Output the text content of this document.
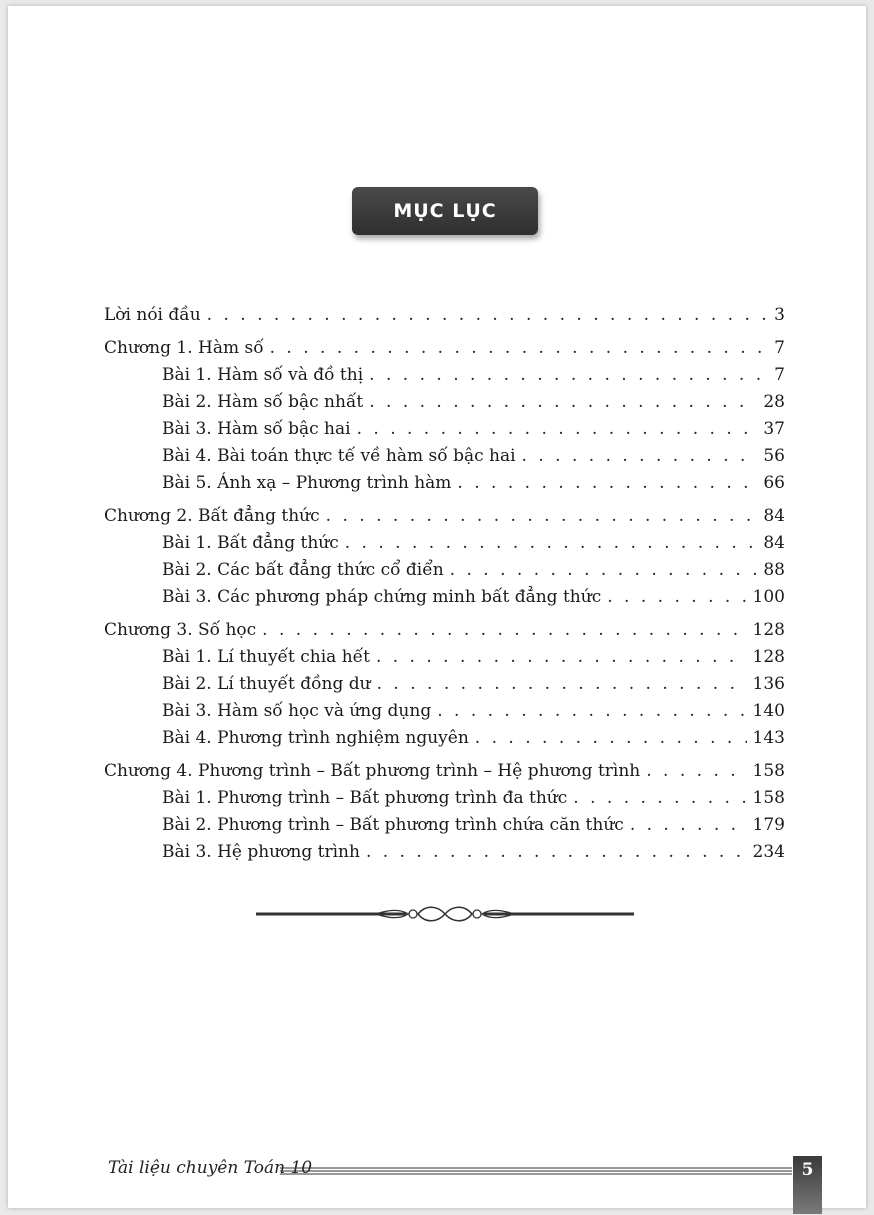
MỤC LỤC
Lời nói đầu . . .	3
Chương 1. Hàm số . . .	7
Bài 1. Hàm số và đồ thị . . .	7
Bài 2. Hàm số bậc nhất . . .	28
Bài 3. Hàm số bậc hai . . .	37
Bài 4. Bài toán thực tế về hàm số bậc hai . . .	56
Bài 5. Ánh xạ – Phương trình hàm . . .	66
Chương 2. Bất đẳng thức . . .	84
Bài 1. Bất đẳng thức . . .	84
Bài 2. Các bất đẳng thức cổ điển . . .	88
Bài 3. Các phương pháp chứng minh bất đẳng thức . . .	100
Chương 3. Số học . . .	128
Bài 1. Lí thuyết chia hết . . .	128
Bài 2. Lí thuyết đồng dư . . .	136
Bài 3. Hàm số học và ứng dụng . . .	140
Bài 4. Phương trình nghiệm nguyên . . .	143
Chương 4. Phương trình – Bất phương trình – Hệ phương trình . . .	158
Bài 1. Phương trình – Bất phương trình đa thức . . .	158
Bài 2. Phương trình – Bất phương trình chứa căn thức . . .	179
Bài 3. Hệ phương trình . . .	234
Tài liệu chuyên Toán 10	5
